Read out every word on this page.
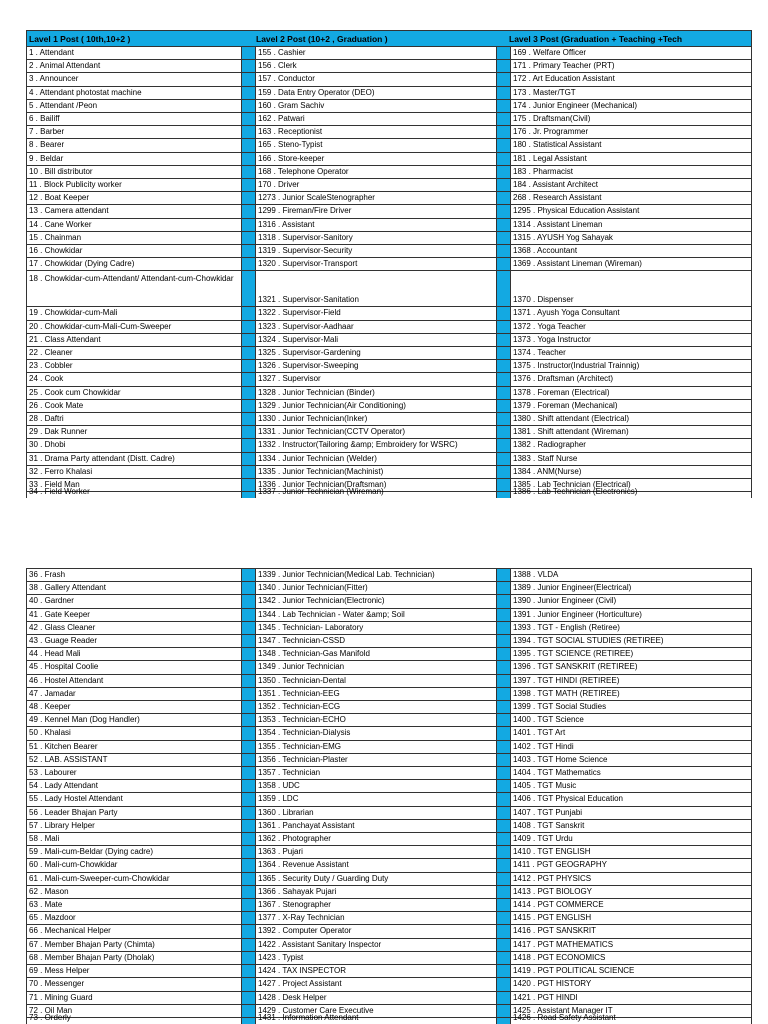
Lavel 1 Post ( 10th,10+2 )	Lavel 2 Post (10+2 , Graduation )	Lavel 3 Post (Graduation + Teaching +Tech
1 . Attendant	155 . Cashier	169 . Welfare Officer
2 . Animal Attendant	156 . Clerk	171 . Primary Teacher (PRT)
3 . Announcer	157 . Conductor	172 . Art Education Assistant
4 . Attendant photostat machine	159 . Data Entry Operator (DEO)	173 . Master/TGT
5 . Attendant /Peon	160 . Gram Sachiv	174 . Junior Engineer (Mechanical)
6 . Bailiff	162 . Patwari	175 . Draftsman(Civil)
7 . Barber	163 . Receptionist	176 . Jr. Programmer
8 . Bearer	165 . Steno-Typist	180 . Statistical Assistant
9 . Beldar	166 . Store-keeper	181 . Legal Assistant
10 . Bill distributor	168 . Telephone Operator	183 . Pharmacist
11 . Block Publicity worker	170 . Driver	184 . Assistant Architect
12 . Boat Keeper	1273 . Junior ScaleStenographer	268 . Research Assistant
13 . Camera attendant	1299 . Fireman/Fire Driver	1295 . Physical Education Assistant
14 . Cane Worker	1316 . Assistant	1314 . Assistant Lineman
15 . Chainman	1318 . Supervisor-Sanitory	1315 . AYUSH Yog Sahayak
16 . Chowkidar	1319 . Supervisor-Security	1368 . Accountant
17 . Chowkidar (Dying Cadre)	1320 . Supervisor-Transport	1369 . Assistant Lineman (Wireman)
18 . Chowkidar-cum-Attendant/ Attendant-cum-Chowkidar
1321 . Supervisor-Sanitation	1370 . Dispenser
19 . Chowkidar-cum-Mali	1322 . Supervisor-Field	1371 . Ayush Yoga Consultant
20 . Chowkidar-cum-Mali-Cum-Sweeper	1323 . Supervisor-Aadhaar	1372 . Yoga Teacher
21 . Class Attendant	1324 . Supervisor-Mali	1373 . Yoga Instructor
22 . Cleaner	1325 . Supervisor-Gardening	1374 . Teacher
23 . Cobbler	1326 . Supervisor-Sweeping	1375 . Instructor(Industrial Trainnig)
24 . Cook	1327 . Supervisor	1376 . Draftsman (Architect)
25 . Cook cum Chowkidar	1328 . Junior Technician (Binder)	1378 . Foreman (Electrical)
26 . Cook Mate	1329 . Junior Technician(Air Conditioning)	1379 . Foreman (Mechanical)
28 . Daftri	1330 . Junior Technician(Inker)	1380 . Shift attendant (Electrical)
29 . Dak Runner	1331 . Junior Technician(CCTV Operator)	1381 . Shift attendant (Wireman)
30 . Dhobi	1332 . Instructor(Tailoring &amp; Embroidery for WSRC)	1382 . Radiographer
31 . Drama Party attendant (Distt. Cadre)	1334 . Junior Technician (Welder)	1383 . Staff Nurse
32 . Ferro Khalasi	1335 . Junior Technician(Machinist)	1384 . ANM(Nurse)
33 . Field Man	1336 . Junior Technician(Draftsman)	1385 . Lab Technician (Electrical)
34 . Field Worker	1337 . Junior Technician (Wireman)	1386 . Lab Technician (Electronics)
36 . Frash	1339 . Junior Technician(Medical Lab. Technician)	1388 . VLDA
38 . Gallery Attendant	1340 . Junior Technician(Fitter)	1389 . Junior Engineer(Electrical)
40 . Gardner	1342 . Junior Technician(Electronic)	1390 . Junior Engineer (Civil)
41 . Gate Keeper	1344 . Lab Technician - Water &amp; Soil	1391 . Junior Engineer (Horticulture)
42 . Glass Cleaner	1345 . Technician- Laboratory	1393 . TGT - English (Retiree)
43 . Guage Reader	1347 . Technician-CSSD	1394 . TGT SOCIAL STUDIES (RETIREE)
44 . Head Mali	1348 . Technician-Gas Manifold	1395 . TGT SCIENCE (RETIREE)
45 . Hospital Coolie	1349 . Junior Technician	1396 . TGT SANSKRIT (RETIREE)
46 . Hostel Attendant	1350 . Technician-Dental	1397 . TGT HINDI (RETIREE)
47 . Jamadar	1351 . Technician-EEG	1398 . TGT MATH (RETIREE)
48 . Keeper	1352 . Technician-ECG	1399 . TGT Social Studies
49 . Kennel Man (Dog Handler)	1353 . Technician-ECHO	1400 . TGT Science
50 . Khalasi	1354 . Technician-Dialysis	1401 . TGT Art
51 . Kitchen Bearer	1355 . Technician-EMG	1402 . TGT Hindi
52 . LAB. ASSISTANT	1356 . Technician-Plaster	1403 . TGT Home Science
53 . Labourer	1357 . Technician	1404 . TGT Mathematics
54 . Lady Attendant	1358 . UDC	1405 . TGT Music
55 . Lady Hostel Attendant	1359 . LDC	1406 . TGT Physical Education
56 . Leader Bhajan Party	1360 . Librarian	1407 . TGT Punjabi
57 . Library Helper	1361 . Panchayat Assistant	1408 . TGT Sanskrit
58 . Mali	1362 . Photographer	1409 . TGT Urdu
59 . Mali-cum-Beldar (Dying cadre)	1363 . Pujari	1410 . TGT ENGLISH
60 . Mali-cum-Chowkidar	1364 . Revenue Assistant	1411 . PGT GEOGRAPHY
61 . Mali-cum-Sweeper-cum-Chowkidar	1365 . Security Duty / Guarding Duty	1412 . PGT PHYSICS
62 . Mason	1366 . Sahayak Pujari	1413 . PGT BIOLOGY
63 . Mate	1367 . Stenographer	1414 . PGT COMMERCE
65 . Mazdoor	1377 . X-Ray Technician	1415 . PGT ENGLISH
66 . Mechanical Helper	1392 . Computer Operator	1416 . PGT SANSKRIT
67 . Member Bhajan Party (Chimta)	1422 . Assistant Sanitary Inspector	1417 . PGT MATHEMATICS
68 . Member Bhajan Party (Dholak)	1423 . Typist	1418 . PGT ECONOMICS
69 . Mess Helper	1424 . TAX INSPECTOR	1419 . PGT POLITICAL SCIENCE
70 . Messenger	1427 . Project Assistant	1420 . PGT HISTORY
71 . Mining Guard	1428 . Desk Helper	1421 . PGT HINDI
72 . Oil Man	1429 . Customer Care Executive	1425 . Assistant Manager IT
73 . Orderly	1431 . Information Attendant	1426 . Road Safety Assistant
